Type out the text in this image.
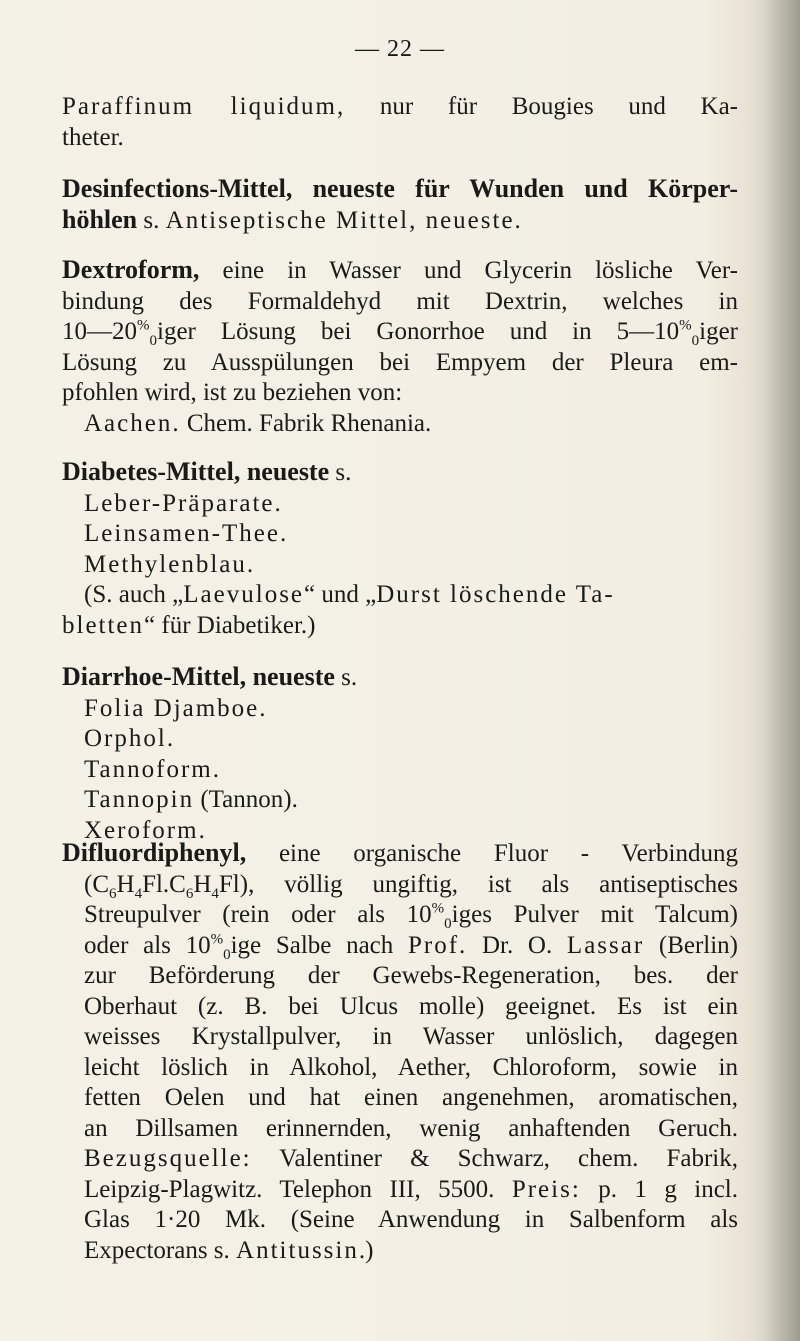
— 22 —
Paraffinum liquidum, nur für Bougies und Ka-
theter.
Desinfections-Mittel, neueste für Wunden und Körper-
höhlen s. Antiseptische Mittel, neueste.
Dextroform, eine in Wasser und Glycerin lösliche Ver-
bindung des Formaldehyd mit Dextrin, welches in
$10—20^{\%}_0iger$ Lösung bei Gonorrhoe und in $5—10^{\%}_0iger$
Lösung zu Ausspülungen bei Empyem der Pleura em-
pfohlen wird, ist zu beziehen von:
Aachen. Chem. Fabrik Rhenania.
Diabetes-Mittel, neueste s.
Leber-Präparate.
Leinsamen-Thee.
Methylenblau.
(S. auch „Laevulose“ und „Durst löschende Ta-
bletten“ für Diabetiker.)
Diarrhoe-Mittel, neueste s.
Folia Djamboe.
Orphol.
Tannoform.
Tannopin (Tannon).
Xeroform.
Difluordiphenyl, eine organische Fluor - Verbindung
$(C_6H_4Fl.C_6H_4Fl)$, völlig ungiftig, ist als antiseptisches
Streupulver (rein oder als $10^{\%}_0iges$ Pulver mit Talcum)
oder als $10^{\%}_0ige$ Salbe nach Prof. Dr. O. Lassar (Berlin)
zur Beförderung der Gewebs-Regeneration, bes. der
Oberhaut (z. B. bei Ulcus molle) geeignet. Es ist ein
weisses Krystallpulver, in Wasser unlöslich, dagegen
leicht löslich in Alkohol, Aether, Chloroform, sowie in
fetten Oelen und hat einen angenehmen, aromatischen,
an Dillsamen erinnernden, wenig anhaftenden Geruch.
Bezugsquelle: Valentiner & Schwarz, chem. Fabrik,
Leipzig-Plagwitz. Telephon III, 5500. Preis: p. 1 g incl.
Glas 1·20 Mk. (Seine Anwendung in Salbenform als
Expectorans s. Antitussin.)
